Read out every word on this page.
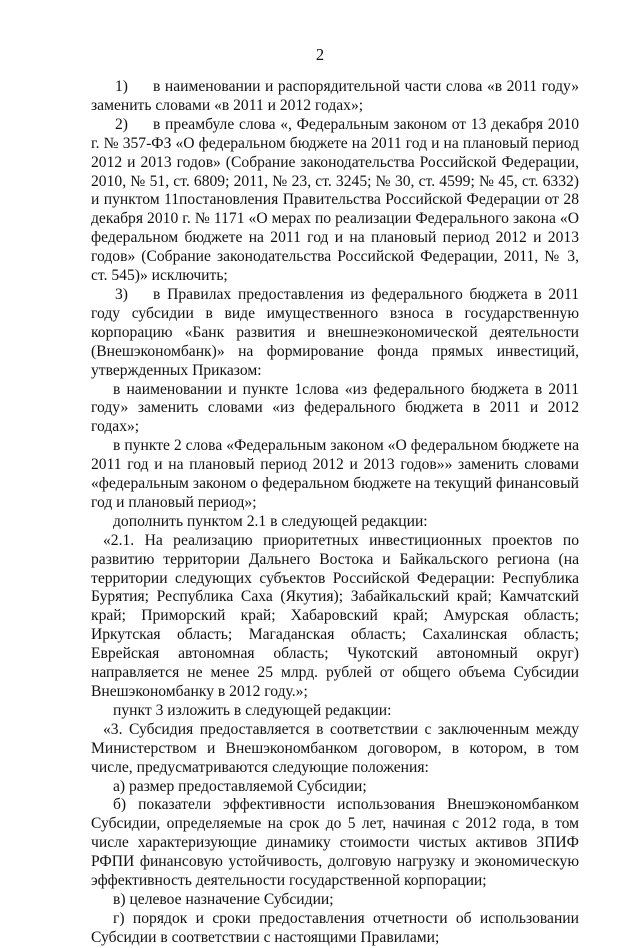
2

1) в наименовании и распорядительной части слова «в 2011 году» заменить словами «в 2011 и 2012 годах»;

2) в преамбуле слова «, Федеральным законом от 13 декабря 2010 г. № 357-ФЗ «О федеральном бюджете на 2011 год и на плановый период 2012 и 2013 годов» (Собрание законодательства Российской Федерации, 2010, № 51, ст. 6809; 2011, № 23, ст. 3245; № 30, ст. 4599; № 45, ст. 6332) и пунктом 11постановления Правительства Российской Федерации от 28 декабря 2010 г. № 1171 «О мерах по реализации Федерального закона «О федеральном бюджете на 2011 год и на плановый период 2012 и 2013 годов» (Собрание законодательства Российской Федерации, 2011, № 3, ст. 545)» исключить;

3) в Правилах предоставления из федерального бюджета в 2011 году субсидии в виде имущественного взноса в государственную корпорацию «Банк развития и внешнеэкономической деятельности (Внешэкономбанк)» на формирование фонда прямых инвестиций, утвержденных Приказом:

в наименовании и пункте 1слова «из федерального бюджета в 2011 году» заменить словами «из федерального бюджета в 2011 и 2012 годах»;

в пункте 2 слова «Федеральным законом «О федеральном бюджете на 2011 год и на плановый период 2012 и 2013 годов»» заменить словами «федеральным законом о федеральном бюджете на текущий финансовый год и плановый период»;

дополнить пунктом 2.1 в следующей редакции:

«2.1. На реализацию приоритетных инвестиционных проектов по развитию территории Дальнего Востока и Байкальского региона (на территории следующих субъектов Российской Федерации: Республика Бурятия; Республика Саха (Якутия); Забайкальский край; Камчатский край; Приморский край; Хабаровский край; Амурская область; Иркутская область; Магаданская область; Сахалинская область; Еврейская автономная область; Чукотский автономный округ) направляется не менее 25 млрд. рублей от общего объема Субсидии Внешэкономбанку в 2012 году.»;

пункт 3 изложить в следующей редакции:

«3. Субсидия предоставляется в соответствии с заключенным между Министерством и Внешэкономбанком договором, в котором, в том числе, предусматриваются следующие положения:

а) размер предоставляемой Субсидии;

б) показатели эффективности использования Внешэкономбанком Субсидии, определяемые на срок до 5 лет, начиная с 2012 года, в том числе характеризующие динамику стоимости чистых активов ЗПИФ РФПИ финансовую устойчивость, долговую нагрузку и экономическую эффективность деятельности государственной корпорации;

в) целевое назначение Субсидии;

г) порядок и сроки предоставления отчетности об использовании Субсидии в соответствии с настоящими Правилами;
